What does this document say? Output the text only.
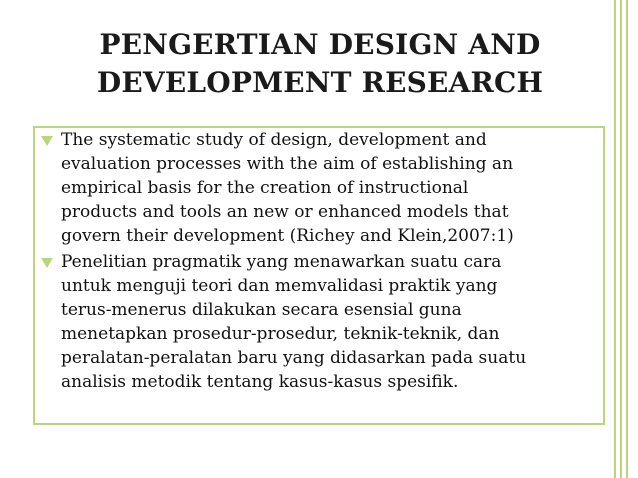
PENGERTIAN DESIGN AND
DEVELOPMENT RESEARCH
The systematic study of design, development and
evaluation processes with the aim of establishing an
empirical basis for the creation of instructional
products and tools an new or enhanced models that
govern their development (Richey and Klein,2007:1)
Penelitian pragmatik yang menawarkan suatu cara
untuk menguji teori dan memvalidasi praktik yang
terus-menerus dilakukan secara esensial guna
menetapkan prosedur-prosedur, teknik-teknik, dan
peralatan-peralatan baru yang didasarkan pada suatu
analisis metodik tentang kasus-kasus spesifik.
